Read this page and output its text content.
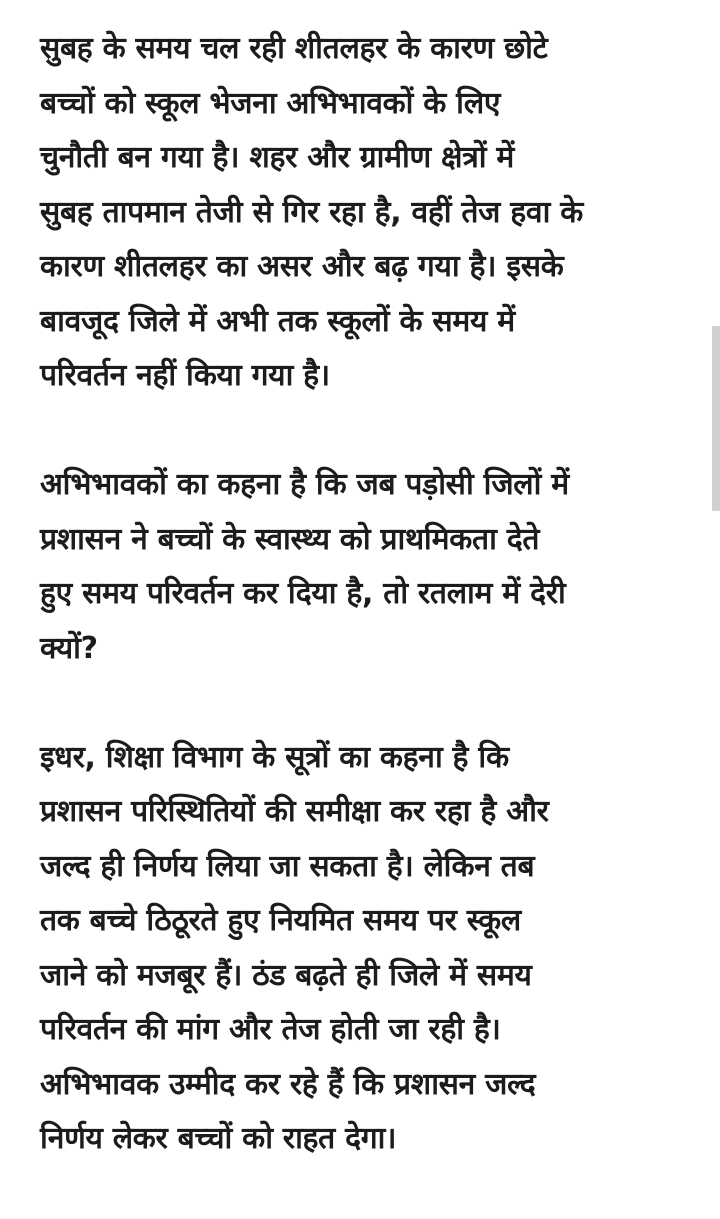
सुबह के समय चल रही शीतलहर के कारण छोटे
बच्चों को स्कूल भेजना अभिभावकों के लिए
चुनौती बन गया है। शहर और ग्रामीण क्षेत्रों में
सुबह तापमान तेजी से गिर रहा है, वहीं तेज हवा के
कारण शीतलहर का असर और बढ़ गया है। इसके
बावजूद जिले में अभी तक स्कूलों के समय में
परिवर्तन नहीं किया गया है।

अभिभावकों का कहना है कि जब पड़ोसी जिलों में
प्रशासन ने बच्चों के स्वास्थ्य को प्राथमिकता देते
हुए समय परिवर्तन कर दिया है, तो रतलाम में देरी
क्यों?

इधर, शिक्षा विभाग के सूत्रों का कहना है कि
प्रशासन परिस्थितियों की समीक्षा कर रहा है और
जल्द ही निर्णय लिया जा सकता है। लेकिन तब
तक बच्चे ठिठूरते हुए नियमित समय पर स्कूल
जाने को मजबूर हैं। ठंड बढ़ते ही जिले में समय
परिवर्तन की मांग और तेज होती जा रही है।
अभिभावक उम्मीद कर रहे हैं कि प्रशासन जल्द
निर्णय लेकर बच्चों को राहत देगा।
